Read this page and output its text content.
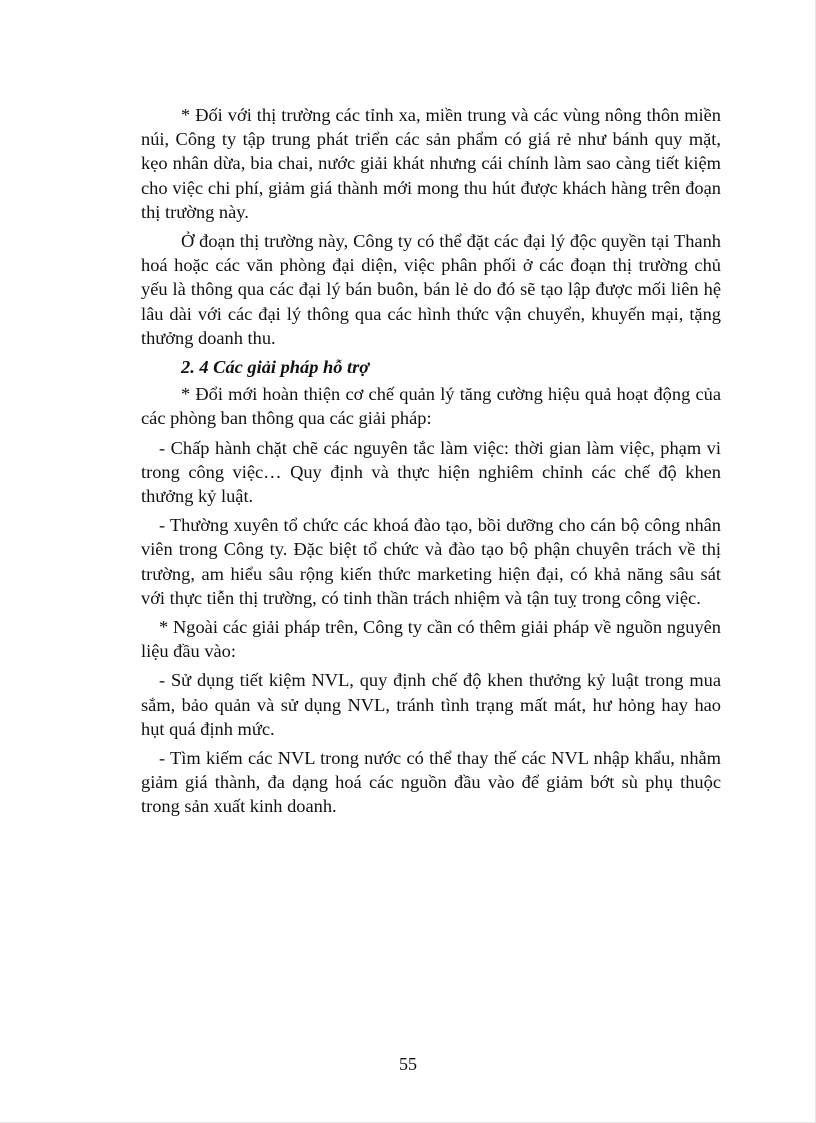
* Đối với thị trường các tỉnh xa, miền trung và các vùng nông thôn miền núi, Công ty tập trung phát triển các sản phẩm có giá rẻ như bánh quy mặt, kẹo nhân dừa, bia chai, nước giải khát nhưng cái chính làm sao càng tiết kiệm cho việc chi phí, giảm giá thành mới mong thu hút được khách hàng trên đoạn thị trường này.

Ở đoạn thị trường này, Công ty có thể đặt các đại lý độc quyền tại Thanh hoá hoặc các văn phòng đại diện, việc phân phối ở các đoạn thị trường chủ yếu là thông qua các đại lý bán buôn, bán lẻ do đó sẽ tạo lập được mối liên hệ lâu dài với các đại lý thông qua các hình thức vận chuyển, khuyến mại, tặng thưởng doanh thu.

2. 4 Các giải pháp hỗ trợ

* Đổi mới hoàn thiện cơ chế quản lý tăng cường hiệu quả hoạt động của các phòng ban thông qua các giải pháp:

- Chấp hành chặt chẽ các nguyên tắc làm việc: thời gian làm việc, phạm vi trong công việc… Quy định và thực hiện nghiêm chỉnh các chế độ khen thưởng kỷ luật.

- Thường xuyên tổ chức các khoá đào tạo, bồi dưỡng cho cán bộ công nhân viên trong Công ty. Đặc biệt tổ chức và đào tạo bộ phận chuyên trách về thị trường, am hiểu sâu rộng kiến thức marketing hiện đại, có khả năng sâu sát với thực tiễn thị trường, có tinh thần trách nhiệm và tận tuỵ trong công việc.

* Ngoài các giải pháp trên, Công ty cần có thêm giải pháp về nguồn nguyên liệu đầu vào:

- Sử dụng tiết kiệm NVL, quy định chế độ khen thưởng kỷ luật trong mua sắm, bảo quản và sử dụng NVL, tránh tình trạng mất mát, hư hỏng hay hao hụt quá định mức.

- Tìm kiếm các NVL trong nước có thể thay thế các NVL nhập khẩu, nhằm giảm giá thành, đa dạng hoá các nguồn đầu vào để giảm bớt sù phụ thuộc trong sản xuất kinh doanh.

55
